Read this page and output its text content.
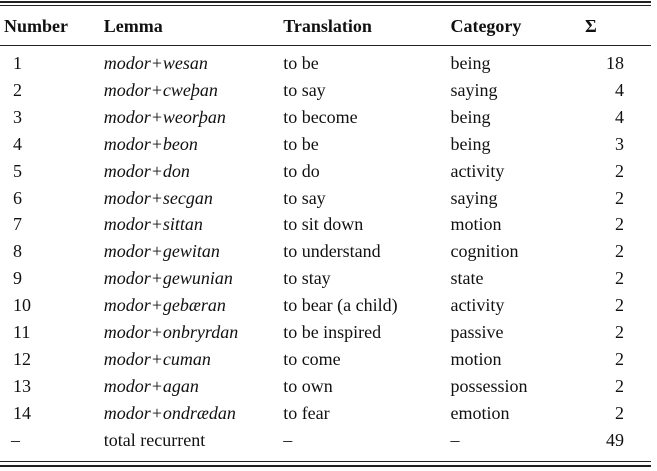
Number	Lemma	Translation	Category	Σ
1	modor+wesan	to be	being	18
2	modor+cweþan	to say	saying	4
3	modor+weorþan	to become	being	4
4	modor+beon	to be	being	3
5	modor+don	to do	activity	2
6	modor+secgan	to say	saying	2
7	modor+sittan	to sit down	motion	2
8	modor+gewitan	to understand	cognition	2
9	modor+gewunian	to stay	state	2
10	modor+gebæran	to bear (a child)	activity	2
11	modor+onbryrdan	to be inspired	passive	2
12	modor+cuman	to come	motion	2
13	modor+agan	to own	possession	2
14	modor+ondrædan	to fear	emotion	2
–	total recurrent	–	–	49
